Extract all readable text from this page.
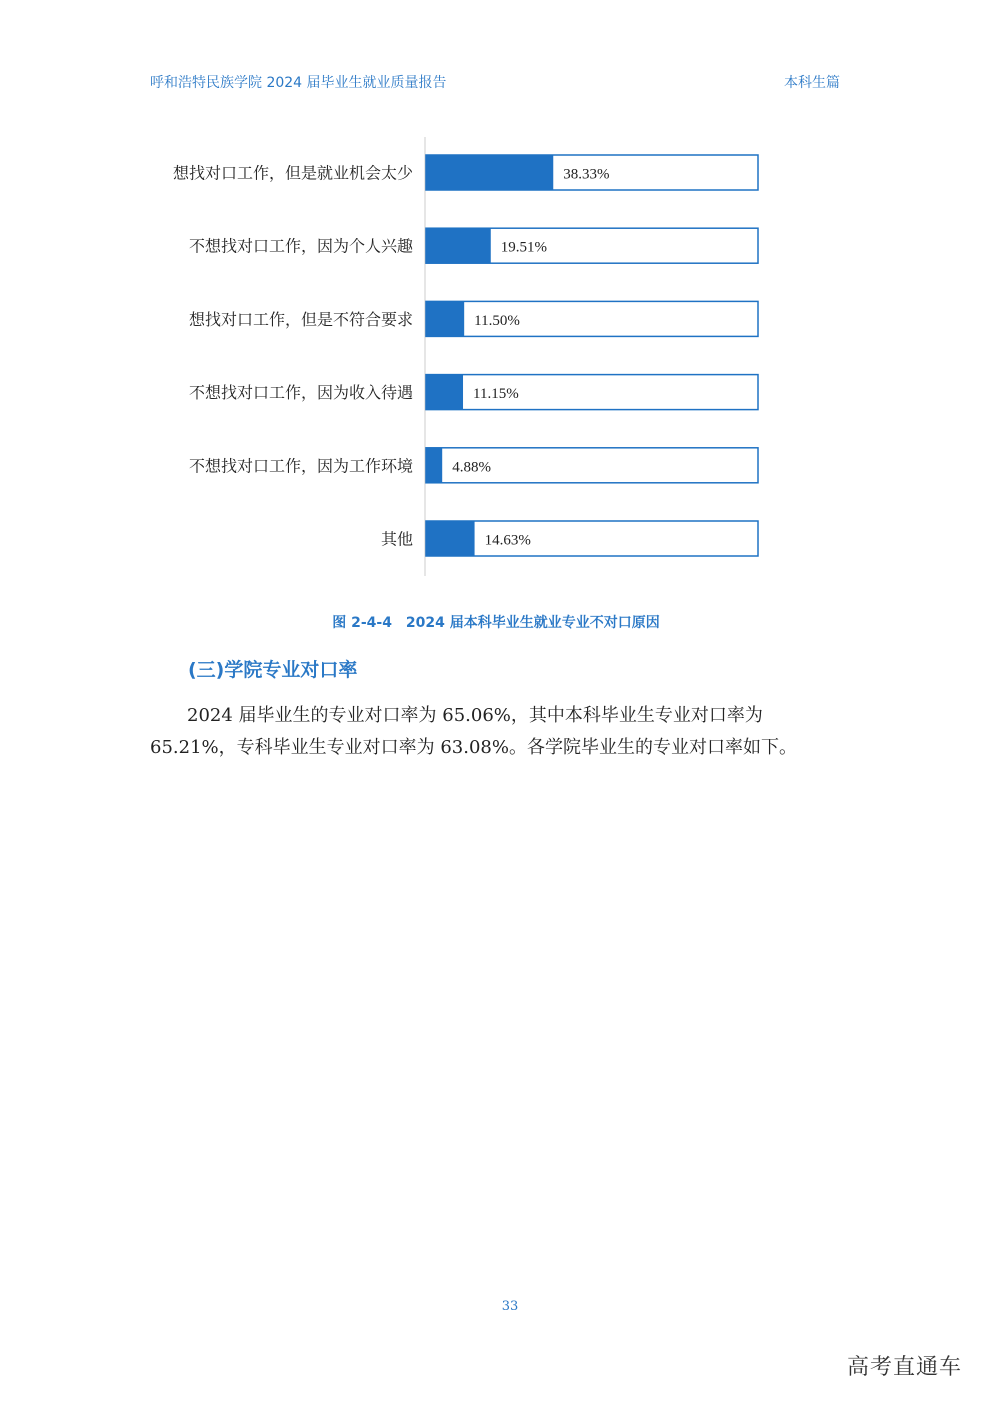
呼和浩特民族学院 2024 届毕业生就业质量报告	本科生篇
想找对口工作，但是就业机会太少	38.33%
不想找对口工作，因为个人兴趣	19.51%
想找对口工作，但是不符合要求	11.50%
不想找对口工作，因为收入待遇	11.15%
不想找对口工作，因为工作环境	4.88%
其他	14.63%
图 2-4-4　2024 届本科毕业生就业专业不对口原因
(三)学院专业对口率
2024 届毕业生的专业对口率为 65.06%，其中本科毕业生专业对口率为 65.21%，专科毕业生专业对口率为 63.08%。各学院毕业生的专业对口率如下。
33
高考直通车
